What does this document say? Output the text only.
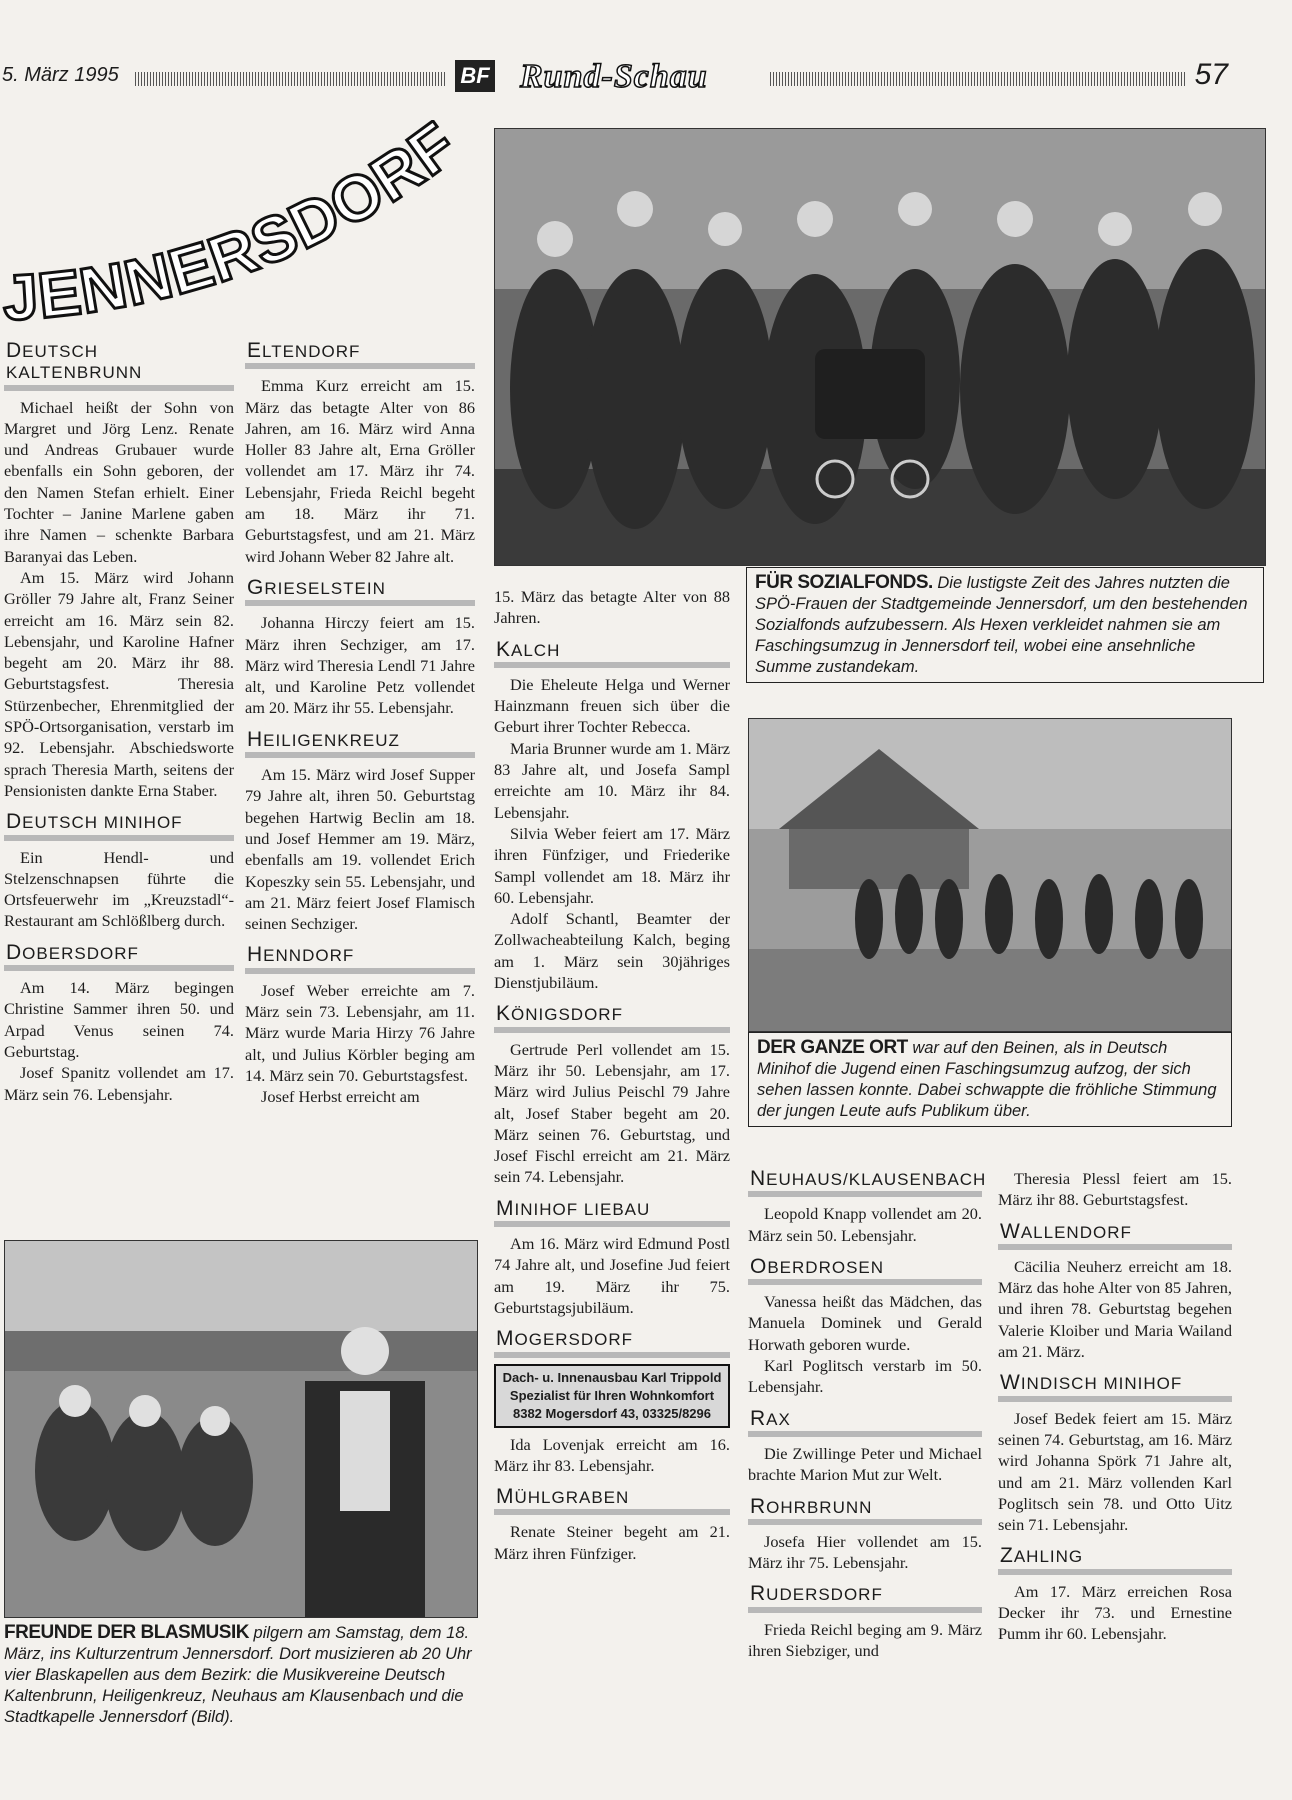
5. März 1995	BF Rund-Schau	57
JENNERSDORF
DEUTSCH KALTENBRUNN

Michael heißt der Sohn von Margret und Jörg Lenz. Renate und Andreas Grubauer wurde ebenfalls ein Sohn geboren, der den Namen Stefan erhielt. Einer Tochter – Janine Marlene gaben ihre Namen – schenkte Barbara Baranyai das Leben.

Am 15. März wird Johann Gröller 79 Jahre alt, Franz Seiner erreicht am 16. März sein 82. Lebensjahr, und Karoline Hafner begeht am 20. März ihr 88. Geburtstagsfest. Theresia Stürzenbecher, Ehrenmitglied der SPÖ-Ortsorganisation, verstarb im 92. Lebensjahr. Abschiedsworte sprach Theresia Marth, seitens der Pensionisten dankte Erna Staber.

DEUTSCH MINIHOF

Ein Hendl- und Stelzenschnapsen führte die Ortsfeuerwehr im „Kreuzstadl“-Restaurant am Schlößlberg durch.

DOBERSDORF

Am 14. März begingen Christine Sammer ihren 50. und Arpad Venus seinen 74. Geburtstag.

Josef Spanitz vollendet am 17. März sein 76. Lebensjahr.

ELTENDORF

Emma Kurz erreicht am 15. März das betagte Alter von 86 Jahren, am 16. März wird Anna Holler 83 Jahre alt, Erna Gröller vollendet am 17. März ihr 74. Lebensjahr, Frieda Reichl begeht am 18. März ihr 71. Geburtstagsfest, und am 21. März wird Johann Weber 82 Jahre alt.

GRIESELSTEIN

Johanna Hirczy feiert am 15. März ihren Sechziger, am 17. März wird Theresia Lendl 71 Jahre alt, und Karoline Petz vollendet am 20. März ihr 55. Lebensjahr.

HEILIGENKREUZ

Am 15. März wird Josef Supper 79 Jahre alt, ihren 50. Geburtstag begehen Hartwig Beclin am 18. und Josef Hemmer am 19. März, ebenfalls am 19. vollendet Erich Kopeszky sein 55. Lebensjahr, und am 21. März feiert Josef Flamisch seinen Sechziger.

HENNDORF

Josef Weber erreichte am 7. März sein 73. Lebensjahr, am 11. März wurde Maria Hirzy 76 Jahre alt, und Julius Körbler beging am 14. März sein 70. Geburtstagsfest.

Josef Herbst erreicht am

FÜR SOZIALFONDS. Die lustigste Zeit des Jahres nutzten die SPÖ-Frauen der Stadtgemeinde Jennersdorf, um den bestehenden Sozialfonds aufzubessern. Als Hexen verkleidet nahmen sie am Faschingsumzug in Jennersdorf teil, wobei eine ansehnliche Summe zustandekam.

15. März das betagte Alter von 88 Jahren.

KALCH

Die Eheleute Helga und Werner Hainzmann freuen sich über die Geburt ihrer Tochter Rebecca.

Maria Brunner wurde am 1. März 83 Jahre alt, und Josefa Sampl erreichte am 10. März ihr 84. Lebensjahr.

Silvia Weber feiert am 17. März ihren Fünfziger, und Friederike Sampl vollendet am 18. März ihr 60. Lebensjahr.

Adolf Schantl, Beamter der Zollwacheabteilung Kalch, beging am 1. März sein 30jähriges Dienstjubiläum.

KÖNIGSDORF

Gertrude Perl vollendet am 15. März ihr 50. Lebensjahr, am 17. März wird Julius Peischl 79 Jahre alt, Josef Staber begeht am 20. März seinen 76. Geburtstag, und Josef Fischl erreicht am 21. März sein 74. Lebensjahr.

MINIHOF LIEBAU

Am 16. März wird Edmund Postl 74 Jahre alt, und Josefine Jud feiert am 19. März ihr 75. Geburtstagsjubiläum.

MOGERSDORF
Dach- u. Innenausbau Karl Trippold
Spezialist für Ihren Wohnkomfort
8382 Mogersdorf 43, 03325/8296

Ida Lovenjak erreicht am 16. März ihr 83. Lebensjahr.

MÜHLGRABEN

Renate Steiner begeht am 21. März ihren Fünfziger.

DER GANZE ORT war auf den Beinen, als in Deutsch Minihof die Jugend einen Faschingsumzug aufzog, der sich sehen lassen konnte. Dabei schwappte die fröhliche Stimmung der jungen Leute aufs Publikum über.
NEUHAUS/KLAUSENBACH

Leopold Knapp vollendet am 20. März sein 50. Lebensjahr.

OBERDROSEN

Vanessa heißt das Mädchen, das Manuela Dominek und Gerald Horwath geboren wurde.

Karl Poglitsch verstarb im 50. Lebensjahr.

RAX

Die Zwillinge Peter und Michael brachte Marion Mut zur Welt.

ROHRBRUNN

Josefa Hier vollendet am 15. März ihr 75. Lebensjahr.

RUDERSDORF

Frieda Reichl beging am 9. März ihren Siebziger, und

Theresia Plessl feiert am 15. März ihr 88. Geburtstagsfest.

WALLENDORF

Cäcilia Neuherz erreicht am 18. März das hohe Alter von 85 Jahren, und ihren 78. Geburtstag begehen Valerie Kloiber und Maria Wailand am 21. März.

WINDISCH MINIHOF

Josef Bedek feiert am 15. März seinen 74. Geburtstag, am 16. März wird Johanna Spörk 71 Jahre alt, und am 21. März vollenden Karl Poglitsch sein 78. und Otto Uitz sein 71. Lebensjahr.

ZAHLING

Am 17. März erreichen Rosa Decker ihr 73. und Ernestine Pumm ihr 60. Lebensjahr.

FREUNDE DER BLASMUSIK pilgern am Samstag, dem 18. März, ins Kulturzentrum Jennersdorf. Dort musizieren ab 20 Uhr vier Blaskapellen aus dem Bezirk: die Musikvereine Deutsch Kaltenbrunn, Heiligenkreuz, Neuhaus am Klausenbach und die Stadtkapelle Jennersdorf (Bild).
